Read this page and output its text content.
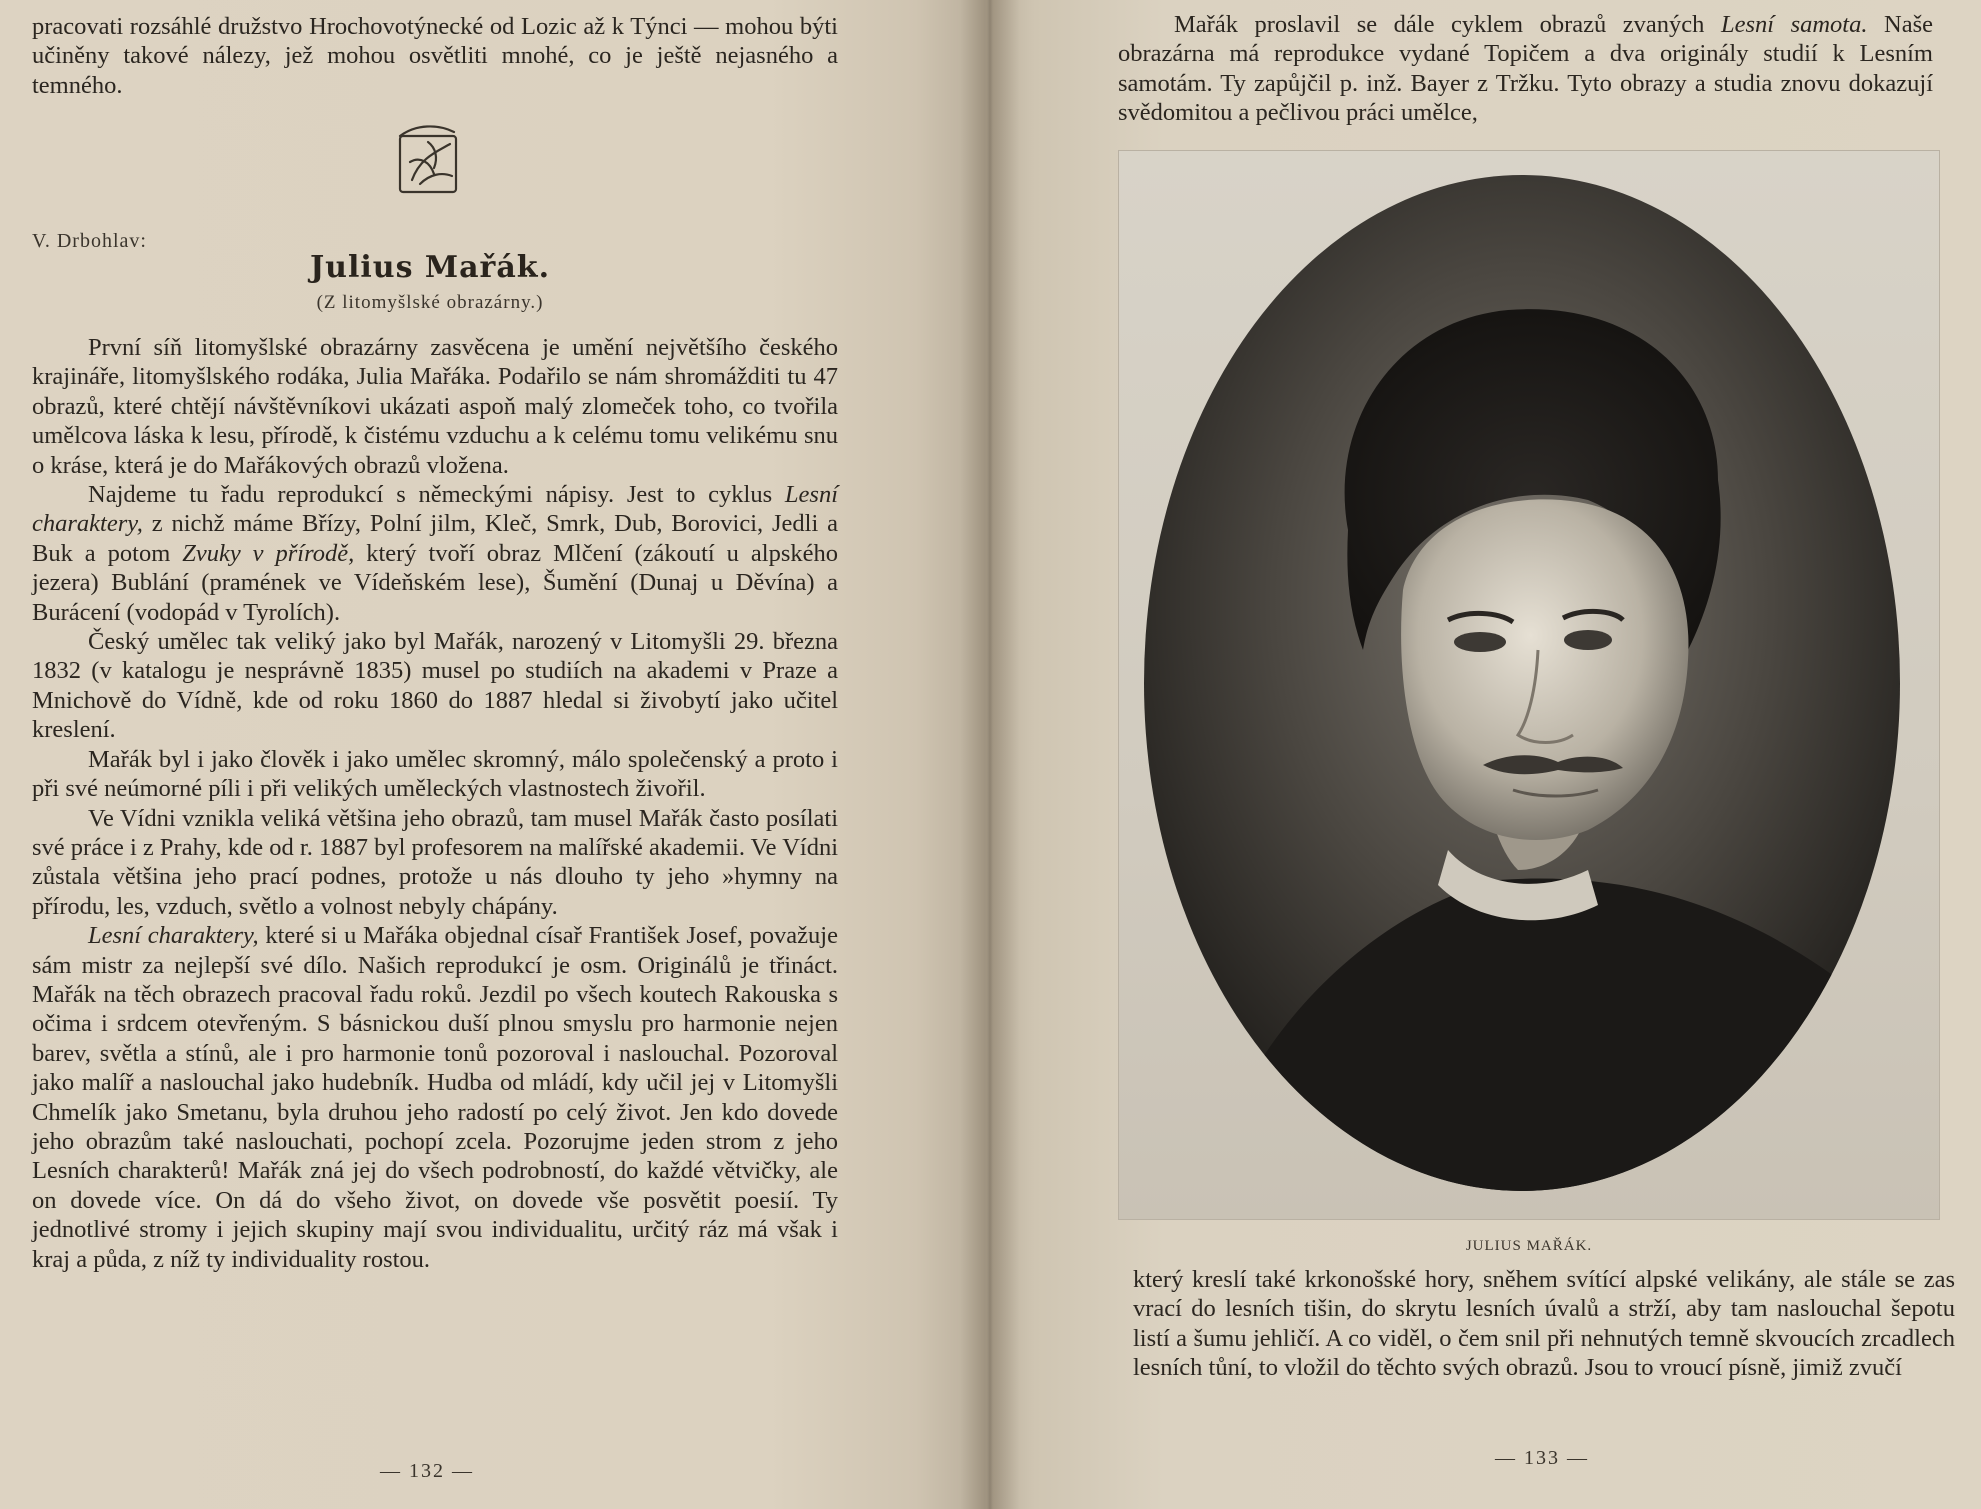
pracovati rozsáhlé družstvo Hrochovotýnecké od Lozic až k Týnci — mohou býti učiněny takové nálezy, jež mohou osvětliti mnohé, co je ještě nejasného a temného.

V. Drbohlav:
Julius Mařák.
(Z litomyšlské obrazárny.)

První síň litomyšlské obrazárny zasvěcena je umění největšího českého krajináře, litomyšlského rodáka, Julia Mařáka. Podařilo se nám shromážditi tu 47 obrazů, které chtějí návštěvníkovi ukázati aspoň malý zlomeček toho, co tvořila umělcova láska k lesu, přírodě, k čistému vzduchu a k celému tomu velikému snu o kráse, která je do Mařákových obrazů vložena.

Najdeme tu řadu reprodukcí s německými nápisy. Jest to cyklus Lesní charaktery, z nichž máme Břízy, Polní jilm, Kleč, Smrk, Dub, Borovici, Jedli a Buk a potom Zvuky v přírodě, který tvoří obraz Mlčení (zákoutí u alpského jezera) Bublání (pramének ve Vídeňském lese), Šumění (Dunaj u Děvína) a Burácení (vodopád v Tyrolích).

Český umělec tak veliký jako byl Mařák, narozený v Litomyšli 29. března 1832 (v katalogu je nesprávně 1835) musel po studiích na akademi v Praze a Mnichově do Vídně, kde od roku 1860 do 1887 hledal si živobytí jako učitel kreslení.

Mařák byl i jako člověk i jako umělec skromný, málo společenský a proto i při své neúmorné píli i při velikých uměleckých vlastnostech živořil.

Ve Vídni vznikla veliká většina jeho obrazů, tam musel Mařák často posílati své práce i z Prahy, kde od r. 1887 byl profesorem na malířské akademii. Ve Vídni zůstala většina jeho prací podnes, protože u nás dlouho ty jeho »hymny na přírodu, les, vzduch, světlo a volnost nebyly chápány.

Lesní charaktery, které si u Mařáka objednal císař František Josef, považuje sám mistr za nejlepší své dílo. Našich reprodukcí je osm. Originálů je třináct. Mařák na těch obrazech pracoval řadu roků. Jezdil po všech koutech Rakouska s očima i srdcem otevřeným. S básnickou duší plnou smyslu pro harmonie nejen barev, světla a stínů, ale i pro harmonie tonů pozoroval i naslouchal. Pozoroval jako malíř a naslouchal jako hudebník. Hudba od mládí, kdy učil jej v Litomyšli Chmelík jako Smetanu, byla druhou jeho radostí po celý život. Jen kdo dovede jeho obrazům také naslouchati, pochopí zcela. Pozorujme jeden strom z jeho Lesních charakterů! Mařák zná jej do všech podrobností, do každé větvičky, ale on dovede více. On dá do všeho život, on dovede vše posvětit poesií. Ty jednotlivé stromy i jejich skupiny mají svou individualitu, určitý ráz má však i kraj a půda, z níž ty individuality rostou.

— 132 —

Mařák proslavil se dále cyklem obrazů zvaných Lesní samota. Naše obrazárna má reprodukce vydané Topičem a dva originály studií k Lesním samotám. Ty zapůjčil p. inž. Bayer z Tržku. Tyto obrazy a studia znovu dokazují svědomitou a pečlivou práci umělce,

JULIUS MAŘÁK.

který kreslí také krkonošské hory, sněhem svítící alpské velikány, ale stále se zas vrací do lesních tišin, do skrytu lesních úvalů a strží, aby tam naslouchal šepotu listí a šumu jehličí. A co viděl, o čem snil při nehnutých temně skvoucích zrcadlech lesních tůní, to vložil do těchto svých obrazů. Jsou to vroucí písně, jimiž zvučí

— 133 —
